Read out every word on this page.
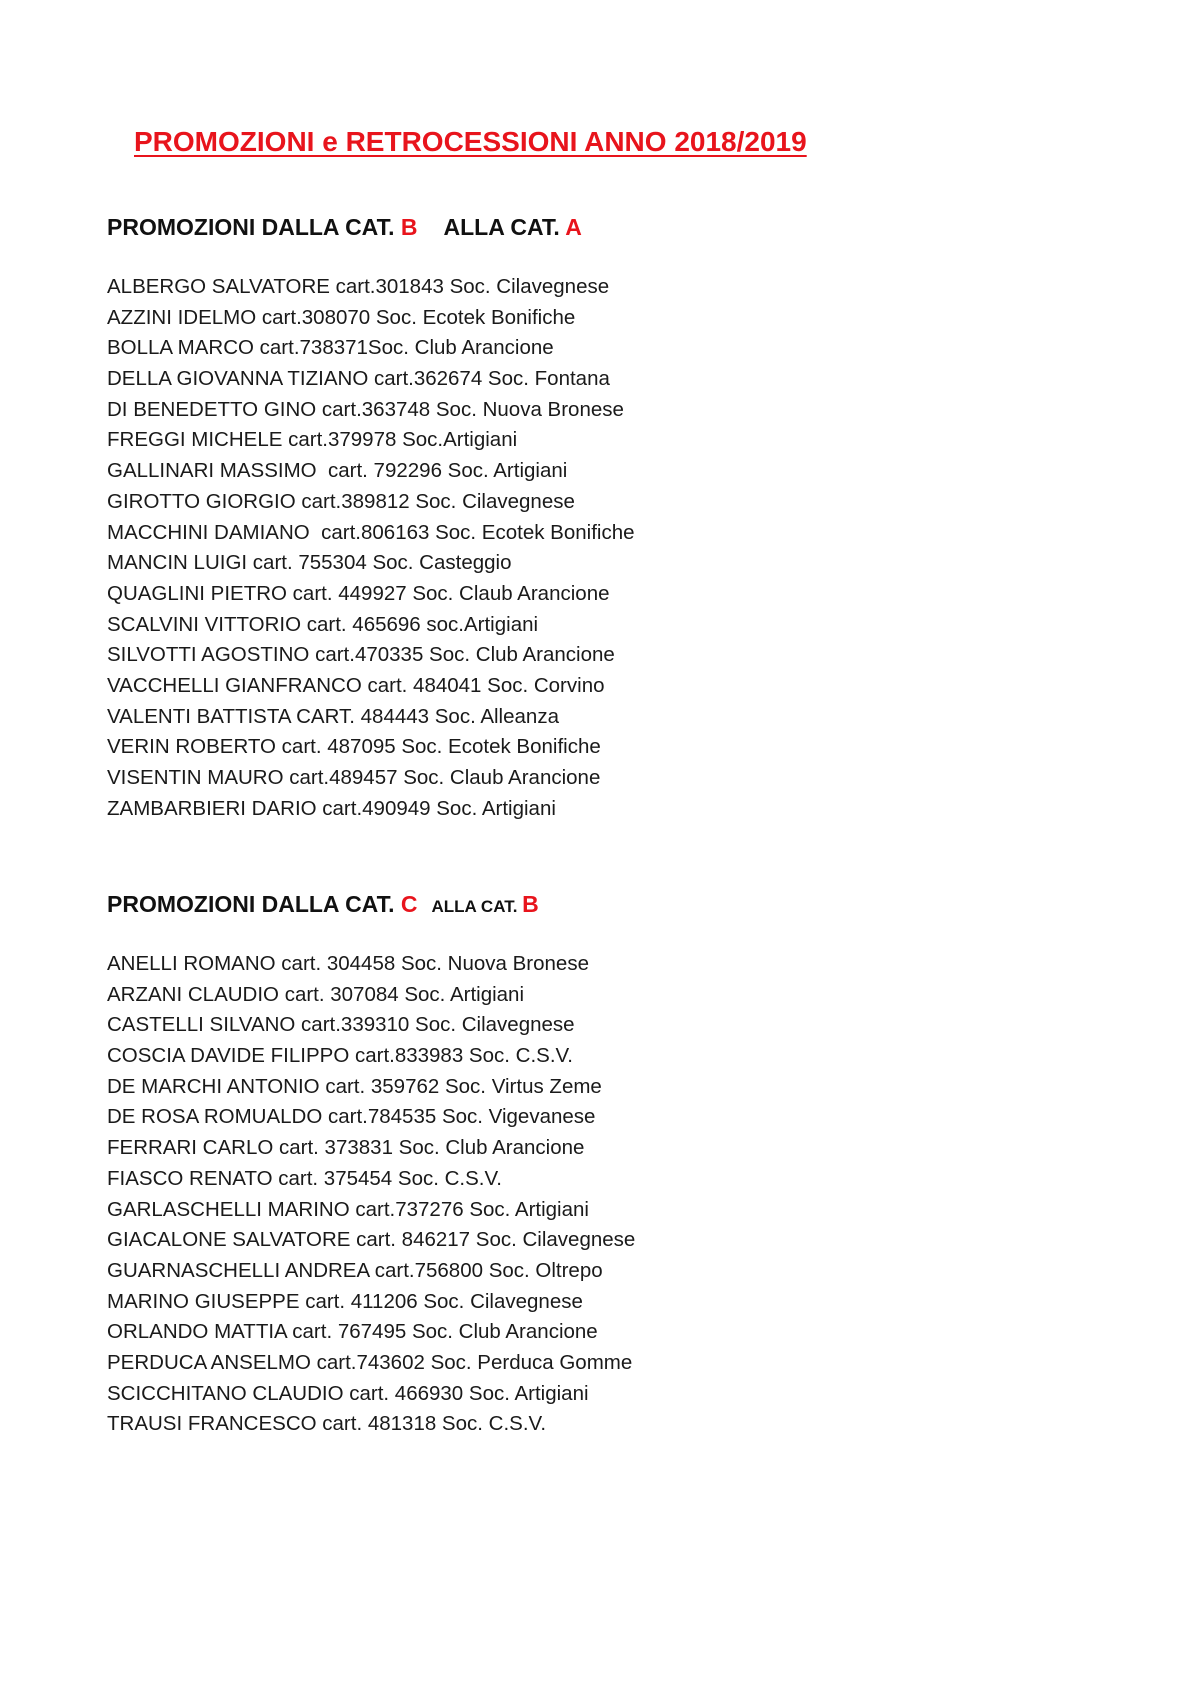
PROMOZIONI e RETROCESSIONI ANNO 2018/2019
PROMOZIONI DALLA CAT. B ALLA CAT. A
ALBERGO SALVATORE cart.301843 Soc. Cilavegnese
AZZINI IDELMO cart.308070 Soc. Ecotek Bonifiche
BOLLA MARCO cart.738371Soc. Club Arancione
DELLA GIOVANNA TIZIANO cart.362674 Soc. Fontana
DI BENEDETTO GINO cart.363748 Soc. Nuova Bronese
FREGGI MICHELE cart.379978 Soc.Artigiani
GALLINARI MASSIMO  cart. 792296 Soc. Artigiani
GIROTTO GIORGIO cart.389812 Soc. Cilavegnese
MACCHINI DAMIANO  cart.806163 Soc. Ecotek Bonifiche
MANCIN LUIGI cart. 755304 Soc. Casteggio
QUAGLINI PIETRO cart. 449927 Soc. Claub Arancione
SCALVINI VITTORIO cart. 465696 soc.Artigiani
SILVOTTI AGOSTINO cart.470335 Soc. Club Arancione
VACCHELLI GIANFRANCO cart. 484041 Soc. Corvino
VALENTI BATTISTA CART. 484443 Soc. Alleanza
VERIN ROBERTO cart. 487095 Soc. Ecotek Bonifiche
VISENTIN MAURO cart.489457 Soc. Claub Arancione
ZAMBARBIERI DARIO cart.490949 Soc. Artigiani
PROMOZIONI DALLA CAT. C ALLA CAT. B
ANELLI ROMANO cart. 304458 Soc. Nuova Bronese
ARZANI CLAUDIO cart. 307084 Soc. Artigiani
CASTELLI SILVANO cart.339310 Soc. Cilavegnese
COSCIA DAVIDE FILIPPO cart.833983 Soc. C.S.V.
DE MARCHI ANTONIO cart. 359762 Soc. Virtus Zeme
DE ROSA ROMUALDO cart.784535 Soc. Vigevanese
FERRARI CARLO cart. 373831 Soc. Club Arancione
FIASCO RENATO cart. 375454 Soc. C.S.V.
GARLASCHELLI MARINO cart.737276 Soc. Artigiani
GIACALONE SALVATORE cart. 846217 Soc. Cilavegnese
GUARNASCHELLI ANDREA cart.756800 Soc. Oltrepo
MARINO GIUSEPPE cart. 411206 Soc. Cilavegnese
ORLANDO MATTIA cart. 767495 Soc. Club Arancione
PERDUCA ANSELMO cart.743602 Soc. Perduca Gomme
SCICCHITANO CLAUDIO cart. 466930 Soc. Artigiani
TRAUSI FRANCESCO cart. 481318 Soc. C.S.V.
